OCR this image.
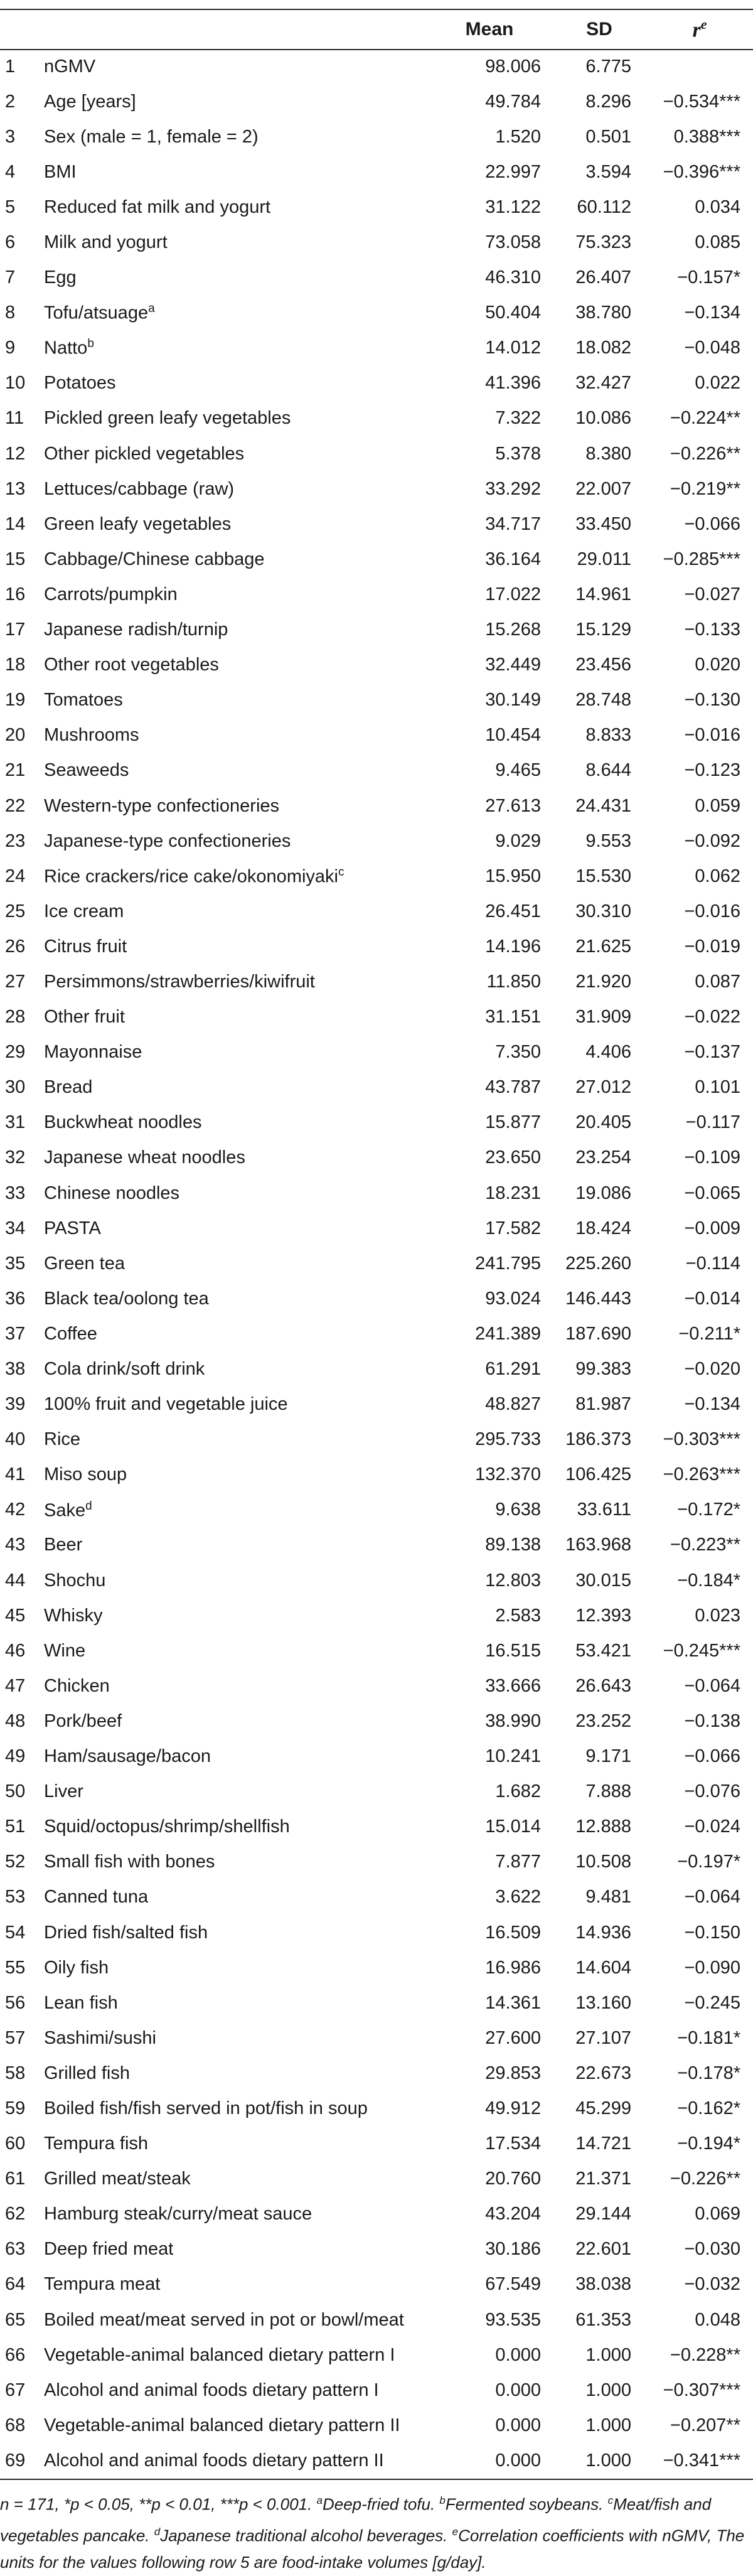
		Mean	SD	$r^e$
1	nGMV	98.006	6.775	
2	Age [years]	49.784	8.296	−0.534***
3	Sex (male = 1, female = 2)	1.520	0.501	0.388***
4	BMI	22.997	3.594	−0.396***
5	Reduced fat milk and yogurt	31.122	60.112	0.034
6	Milk and yogurt	73.058	75.323	0.085
7	Egg	46.310	26.407	−0.157*
8	Tofu/atsuage$^a$	50.404	38.780	−0.134
9	Natto$^b$	14.012	18.082	−0.048
10	Potatoes	41.396	32.427	0.022
11	Pickled green leafy vegetables	7.322	10.086	−0.224**
12	Other pickled vegetables	5.378	8.380	−0.226**
13	Lettuces/cabbage (raw)	33.292	22.007	−0.219**
14	Green leafy vegetables	34.717	33.450	−0.066
15	Cabbage/Chinese cabbage	36.164	29.011	−0.285***
16	Carrots/pumpkin	17.022	14.961	−0.027
17	Japanese radish/turnip	15.268	15.129	−0.133
18	Other root vegetables	32.449	23.456	0.020
19	Tomatoes	30.149	28.748	−0.130
20	Mushrooms	10.454	8.833	−0.016
21	Seaweeds	9.465	8.644	−0.123
22	Western-type confectioneries	27.613	24.431	0.059
23	Japanese-type confectioneries	9.029	9.553	−0.092
24	Rice crackers/rice cake/okonomiyaki$^c$	15.950	15.530	0.062
25	Ice cream	26.451	30.310	−0.016
26	Citrus fruit	14.196	21.625	−0.019
27	Persimmons/strawberries/kiwifruit	11.850	21.920	0.087
28	Other fruit	31.151	31.909	−0.022
29	Mayonnaise	7.350	4.406	−0.137
30	Bread	43.787	27.012	0.101
31	Buckwheat noodles	15.877	20.405	−0.117
32	Japanese wheat noodles	23.650	23.254	−0.109
33	Chinese noodles	18.231	19.086	−0.065
34	PASTA	17.582	18.424	−0.009
35	Green tea	241.795	225.260	−0.114
36	Black tea/oolong tea	93.024	146.443	−0.014
37	Coffee	241.389	187.690	−0.211*
38	Cola drink/soft drink	61.291	99.383	−0.020
39	100% fruit and vegetable juice	48.827	81.987	−0.134
40	Rice	295.733	186.373	−0.303***
41	Miso soup	132.370	106.425	−0.263***
42	Sake$^d$	9.638	33.611	−0.172*
43	Beer	89.138	163.968	−0.223**
44	Shochu	12.803	30.015	−0.184*
45	Whisky	2.583	12.393	0.023
46	Wine	16.515	53.421	−0.245***
47	Chicken	33.666	26.643	−0.064
48	Pork/beef	38.990	23.252	−0.138
49	Ham/sausage/bacon	10.241	9.171	−0.066
50	Liver	1.682	7.888	−0.076
51	Squid/octopus/shrimp/shellfish	15.014	12.888	−0.024
52	Small fish with bones	7.877	10.508	−0.197*
53	Canned tuna	3.622	9.481	−0.064
54	Dried fish/salted fish	16.509	14.936	−0.150
55	Oily fish	16.986	14.604	−0.090
56	Lean fish	14.361	13.160	−0.245
57	Sashimi/sushi	27.600	27.107	−0.181*
58	Grilled fish	29.853	22.673	−0.178*
59	Boiled fish/fish served in pot/fish in soup	49.912	45.299	−0.162*
60	Tempura fish	17.534	14.721	−0.194*
61	Grilled meat/steak	20.760	21.371	−0.226**
62	Hamburg steak/curry/meat sauce	43.204	29.144	0.069
63	Deep fried meat	30.186	22.601	−0.030
64	Tempura meat	67.549	38.038	−0.032
65	Boiled meat/meat served in pot or bowl/meat	93.535	61.353	0.048
66	Vegetable-animal balanced dietary pattern I	0.000	1.000	−0.228**
67	Alcohol and animal foods dietary pattern I	0.000	1.000	−0.307***
68	Vegetable-animal balanced dietary pattern II	0.000	1.000	−0.207**
69	Alcohol and animal foods dietary pattern II	0.000	1.000	−0.341***
n = 171, *p < 0.05, **p < 0.01, ***p < 0.001. $^a$Deep-fried tofu. $^b$Fermented soybeans. $^c$Meat/fish and vegetables pancake. $^d$Japanese traditional alcohol beverages. $^e$Correlation coefficients with nGMV, The units for the values following row 5 are food-intake volumes [g/day].
